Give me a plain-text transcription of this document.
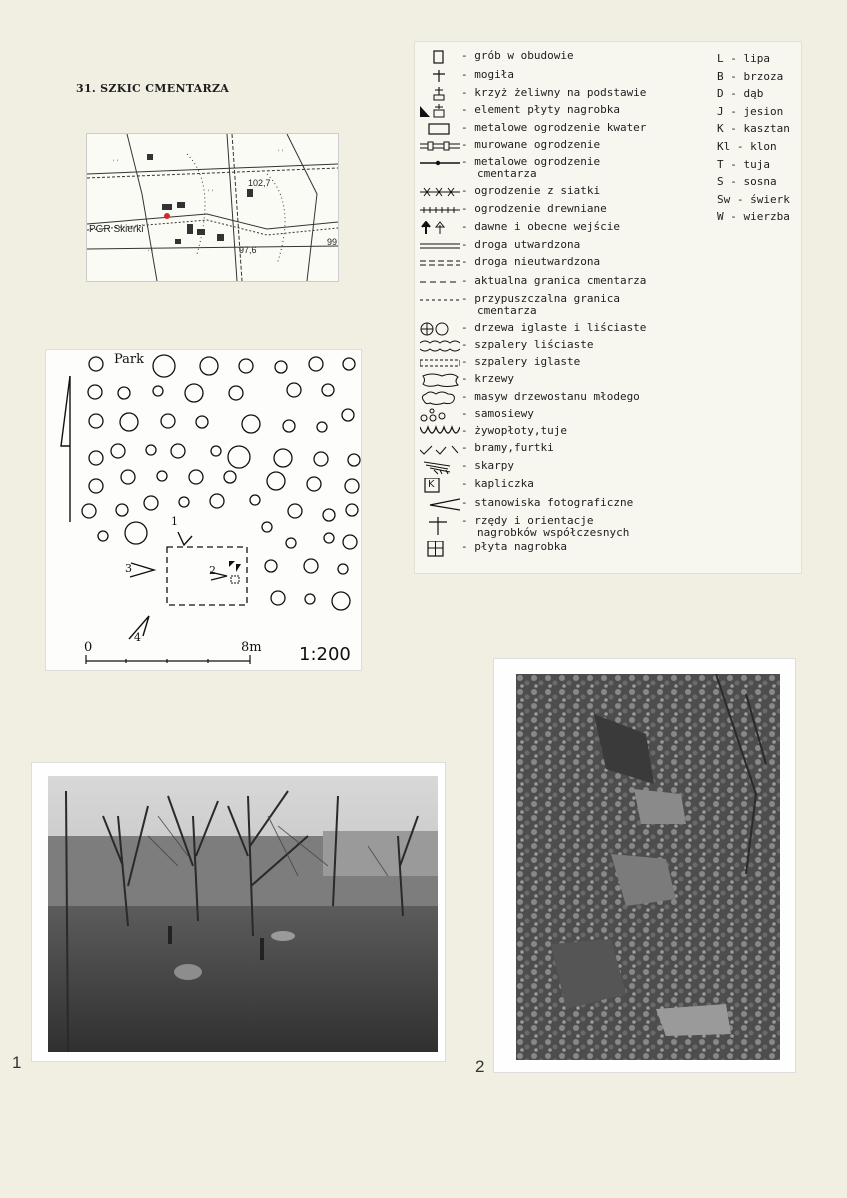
31. SZKIC CMENTARZA
''
''
''
''
102,7
PGR Skierki
97,6
99
Park
1
2
3
4
0	8m 1:200
- grób w obudowie
- mogiła
- krzyż żeliwny na podstawie
- element płyty nagrobka
- metalowe ogrodzenie kwater
- murowane ogrodzenie
- metalowe ogrodzenie
cmentarza
- ogrodzenie z siatki
- ogrodzenie drewniane
- dawne i obecne wejście
- droga utwardzona
- droga nieutwardzona
- aktualna granica cmentarza
- przypuszczalna granica
cmentarza
- drzewa iglaste i liściaste
- szpalery liściaste
- szpalery iglaste
- krzewy
- masyw drzewostanu młodego
- samosiewy
- żywopłoty,tuje
- bramy,furtki
- skarpy
K - kapliczka
- stanowiska fotograficzne
- rzędy i orientacje
nagrobków współczesnych
- płyta nagrobka
L - lipa
B - brzoza
D - dąb
J - jesion
K - kasztan
Kl - klon
T - tuja
S - sosna
Sw - świerk
W - wierzba
1	2
